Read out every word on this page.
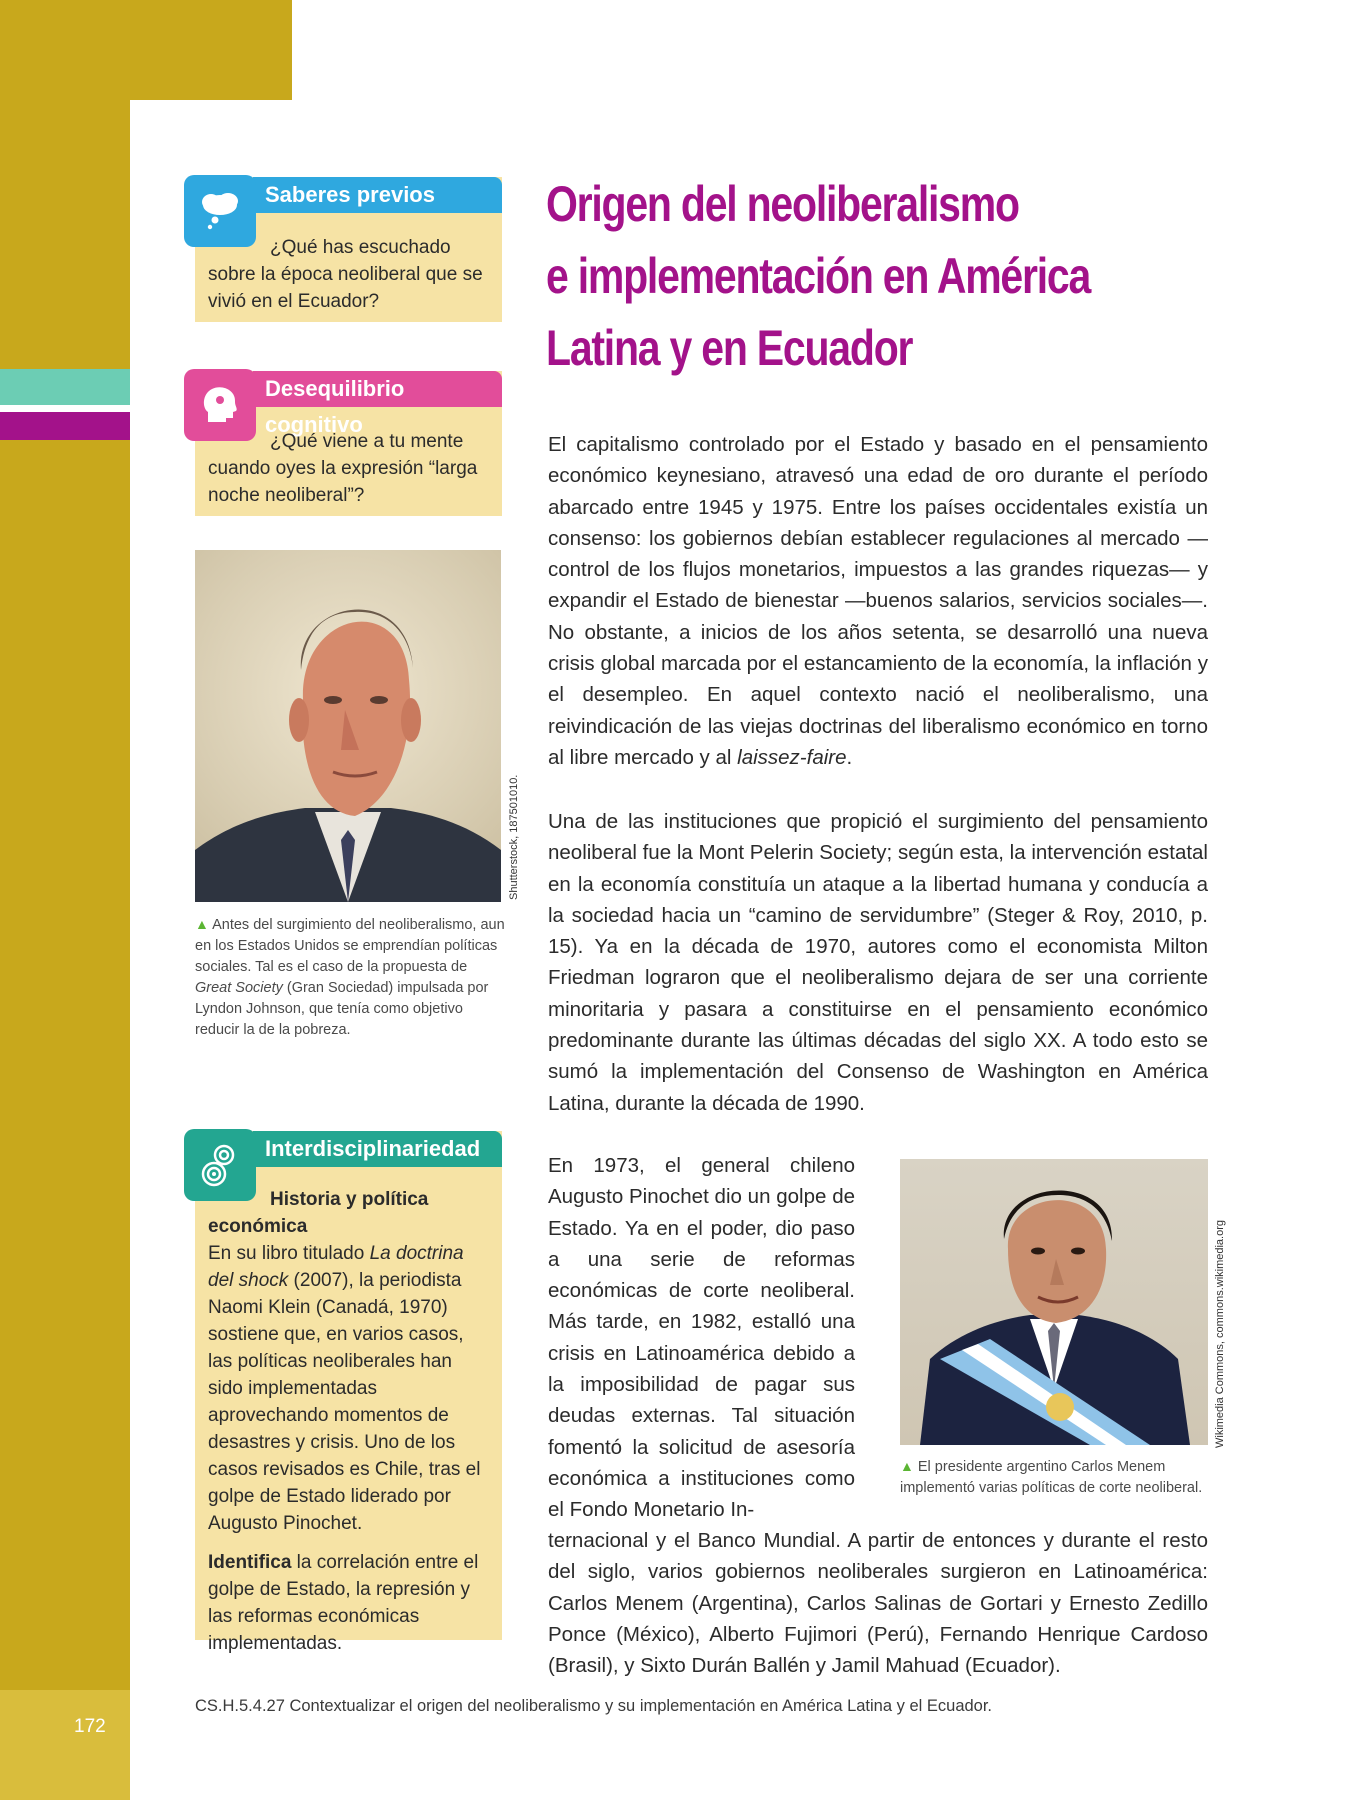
172
Saberes previos
¿Qué has escuchado sobre la época neoliberal que se vivió en el Ecuador?
Desequilibrio cognitivo
¿Qué viene a tu mente cuando oyes la expresión “larga noche neoliberal”?
Shutterstock, 187501010.
▲ Antes del surgimiento del neoliberalismo, aun en los Estados Unidos se emprendían políticas sociales. Tal es el caso de la propuesta de Great Society (Gran Sociedad) impulsada por Lyndon Johnson, que tenía como objetivo reducir la de la pobreza.
Interdisciplinariedad

Historia y política económica

En su libro titulado La doctrina del shock (2007), la periodista Naomi Klein (Canadá, 1970) sostiene que, en varios casos, las políticas neoliberales han sido implementadas aprovechando momentos de desastres y crisis. Uno de los casos revisados es Chile, tras el golpe de Estado liderado por Augusto Pinochet.

Identifica la correlación entre el golpe de Estado, la represión y las reformas económicas implementadas.

Origen del neoliberalismo
e implementación en América
Latina y en Ecuador
El capitalismo controlado por el Estado y basado en el pensamiento económico keynesiano, atravesó una edad de oro durante el período abarcado entre 1945 y 1975. Entre los países occidentales existía un consenso: los gobiernos debían establecer regulaciones al mercado —control de los flujos monetarios, impuestos a las grandes riquezas— y expandir el Estado de bienestar —buenos salarios, servicios sociales—. No obstante, a inicios de los años setenta, se desarrolló una nueva crisis global marcada por el estancamiento de la economía, la inflación y el desempleo. En aquel contexto nació el neoliberalismo, una reivindicación de las viejas doctrinas del liberalismo económico en torno al libre mercado y al laissez-faire.
Una de las instituciones que propició el surgimiento del pensamiento neoliberal fue la Mont Pelerin Society; según esta, la intervención estatal en la economía constituía un ataque a la libertad humana y conducía a la sociedad hacia un “camino de servidumbre” (Steger & Roy, 2010, p. 15). Ya en la década de 1970, autores como el economista Milton Friedman lograron que el neoliberalismo dejara de ser una corriente minoritaria y pasara a constituirse en el pensamiento económico predominante durante las últimas décadas del siglo XX. A todo esto se sumó la implementación del Consenso de Washington en América Latina, durante la década de 1990.
En 1973, el general chileno Augusto Pinochet dio un golpe de Estado. Ya en el poder, dio paso a una serie de reformas económicas de corte neoliberal. Más tarde, en 1982, estalló una crisis en Latinoamérica debido a la imposibilidad de pagar sus deudas externas. Tal situación fomentó la solicitud de asesoría económica a instituciones como el Fondo Monetario In-
ternacional y el Banco Mundial. A partir de entonces y durante el resto del siglo, varios gobiernos neoliberales surgieron en Latinoamérica: Carlos Menem (Argentina), Carlos Salinas de Gortari y Ernesto Zedillo Ponce (México), Alberto Fujimori (Perú), Fernando Henrique Cardoso (Brasil), y Sixto Durán Ballén y Jamil Mahuad (Ecuador).
Wikimedia Commons, commons.wikimedia.org
▲ El presidente argentino Carlos Menem implementó varias políticas de corte neoliberal.
CS.H.5.4.27 Contextualizar el origen del neoliberalismo y su implementación en América Latina y el Ecuador.
